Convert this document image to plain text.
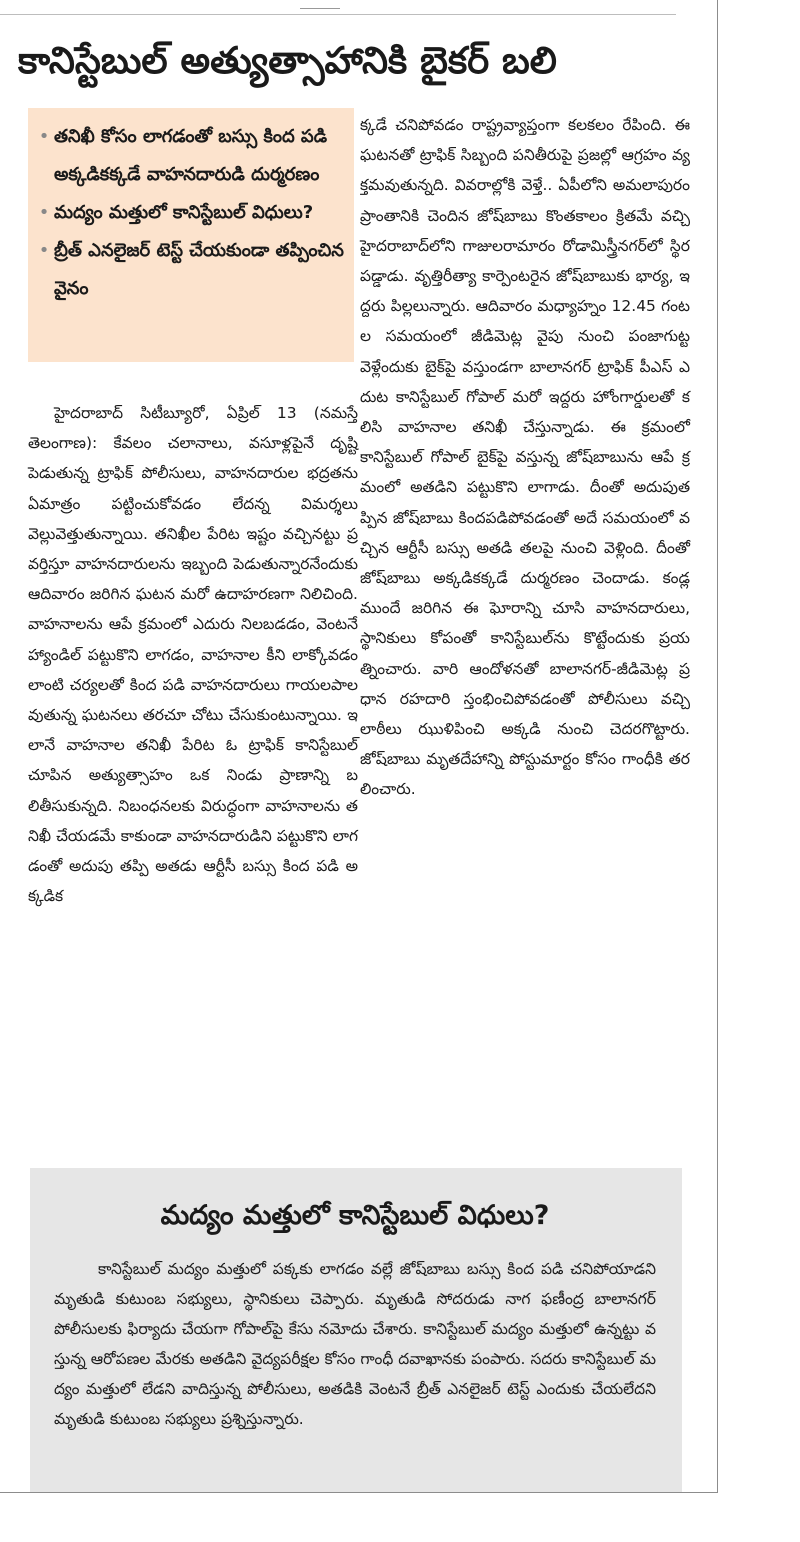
కానిస్టేబుల్ అత్యుత్సాహానికి బైకర్ బలి
• తనిఖీ కోసం లాగడంతో బస్సు కింద పడి అక్కడికక్కడే వాహనదారుడి దుర్మరణం
• మద్యం మత్తులో కానిస్టేబుల్ విధులు?
• బ్రీత్ ఎనలైజర్ టెస్ట్ చేయకుండా తప్పించిన వైనం

హైదరాబాద్ సిటీబ్యూరో, ఏప్రిల్ 13 (నమస్తే తెలంగాణ): కేవలం చలానాలు, వసూళ్లపైనే దృష్టి పెడుతున్న ట్రాఫిక్ పోలీసులు, వాహనదారుల భద్రతను ఏమాత్రం పట్టించుకోవడం లేదన్న విమర్శలు వెల్లువెత్తుతున్నాయి. తనిఖీల పేరిట ఇష్టం వచ్చినట్టు ప్రవర్తిస్తూ వాహనదారులను ఇబ్బంది పెడుతున్నారనేందుకు ఆదివారం జరిగిన ఘటన మరో ఉదాహరణగా నిలిచింది. వాహనాలను ఆపే క్రమంలో ఎదురు నిలబడడం, వెంటనే హ్యాండిల్ పట్టుకొని లాగడం, వాహనాల కీని లాక్కోవడం లాంటి చర్యలతో కింద పడి వాహనదారులు గాయలపాలవుతున్న ఘటనలు తరచూ చోటు చేసుకుంటున్నాయి. ఇలానే వాహనాల తనిఖీ పేరిట ఓ ట్రాఫిక్ కానిస్టేబుల్ చూపిన అత్యుత్సాహం ఒక నిండు ప్రాణాన్ని బలితీసుకున్నది. నిబంధనలకు విరుద్ధంగా వాహనాలను తనిఖీ చేయడమే కాకుండా వాహనదారుడిని పట్టుకొని లాగడంతో అదుపు తప్పి అతడు ఆర్టీసీ బస్సు కింద పడి అక్కడిక

క్కడే చనిపోవడం రాష్ట్రవ్యాప్తంగా కలకలం రేపింది. ఈ ఘటనతో ట్రాఫిక్ సిబ్బంది పనితీరుపై ప్రజల్లో ఆగ్రహం వ్యక్తమవుతున్నది. వివరాల్లోకి వెళ్తే.. ఏపీలోని అమలాపురం ప్రాంతానికి చెందిన జోష్‌బాబు కొంతకాలం క్రితమే వచ్చి హైదరాబాద్‌లోని గాజులరామారం రోడామిస్త్రీనగర్‌లో స్థిరపడ్డాడు. వృత్తిరీత్యా కార్పెంటరైన జోష్‌బాబుకు భార్య, ఇద్దరు పిల్లలున్నారు. ఆదివారం మధ్యాహ్నం 12.45 గంటల సమయంలో జీడిమెట్ల వైపు నుంచి పంజాగుట్ట వెళ్లేందుకు బైక్‌పై వస్తుండగా బాలానగర్ ట్రాఫిక్ పీఎస్ ఎదుట కానిస్టేబుల్ గోపాల్ మరో ఇద్దరు హోంగార్డులతో కలిసి వాహనాల తనిఖీ చేస్తున్నాడు. ఈ క్రమంలో కానిస్టేబుల్ గోపాల్ బైక్‌పై వస్తున్న జోష్‌బాబును ఆపే క్రమంలో అతడిని పట్టుకొని లాగాడు. దీంతో అదుపుతప్పిన జోష్‌బాబు కిందపడిపోవడంతో అదే సమయంలో వచ్చిన ఆర్టీసీ బస్సు అతడి తలపై నుంచి వెళ్లింది. దీంతో జోష్‌బాబు అక్కడికక్కడే దుర్మరణం చెందాడు. కండ్లముందే జరిగిన ఈ ఘోరాన్ని చూసి వాహనదారులు, స్థానికులు కోపంతో కానిస్టేబుల్‌ను కొట్టేందుకు ప్రయత్నించారు. వారి ఆందోళనతో బాలానగర్-జీడిమెట్ల ప్రధాన రహదారి స్తంభించిపోవడంతో పోలీసులు వచ్చి లాఠీలు ఝుళిపించి అక్కడి నుంచి చెదరగొట్టారు. జోష్‌బాబు మృతదేహాన్ని పోస్టుమార్టం కోసం గాంధీకి తరలించారు.

మద్యం మత్తులో కానిస్టేబుల్ విధులు?

కానిస్టేబుల్ మద్యం మత్తులో పక్కకు లాగడం వల్లే జోష్‌బాబు బస్సు కింద పడి చనిపోయాడని మృతుడి కుటుంబ సభ్యులు, స్థానికులు చెప్పారు. మృతుడి సోదరుడు నాగ ఫణీంద్ర బాలానగర్ పోలీసులకు ఫిర్యాదు చేయగా గోపాల్‌పై కేసు నమోదు చేశారు. కానిస్టేబుల్ మద్యం మత్తులో ఉన్నట్టు వస్తున్న ఆరోపణల మేరకు అతడిని వైద్యపరీక్షల కోసం గాంధీ దవాఖానకు పంపారు. సదరు కానిస్టేబుల్ మద్యం మత్తులో లేడని వాదిస్తున్న పోలీసులు, అతడికి వెంటనే బ్రీత్ ఎనలైజర్ టెస్ట్ ఎందుకు చేయలేదని మృతుడి కుటుంబ సభ్యులు ప్రశ్నిస్తున్నారు.
